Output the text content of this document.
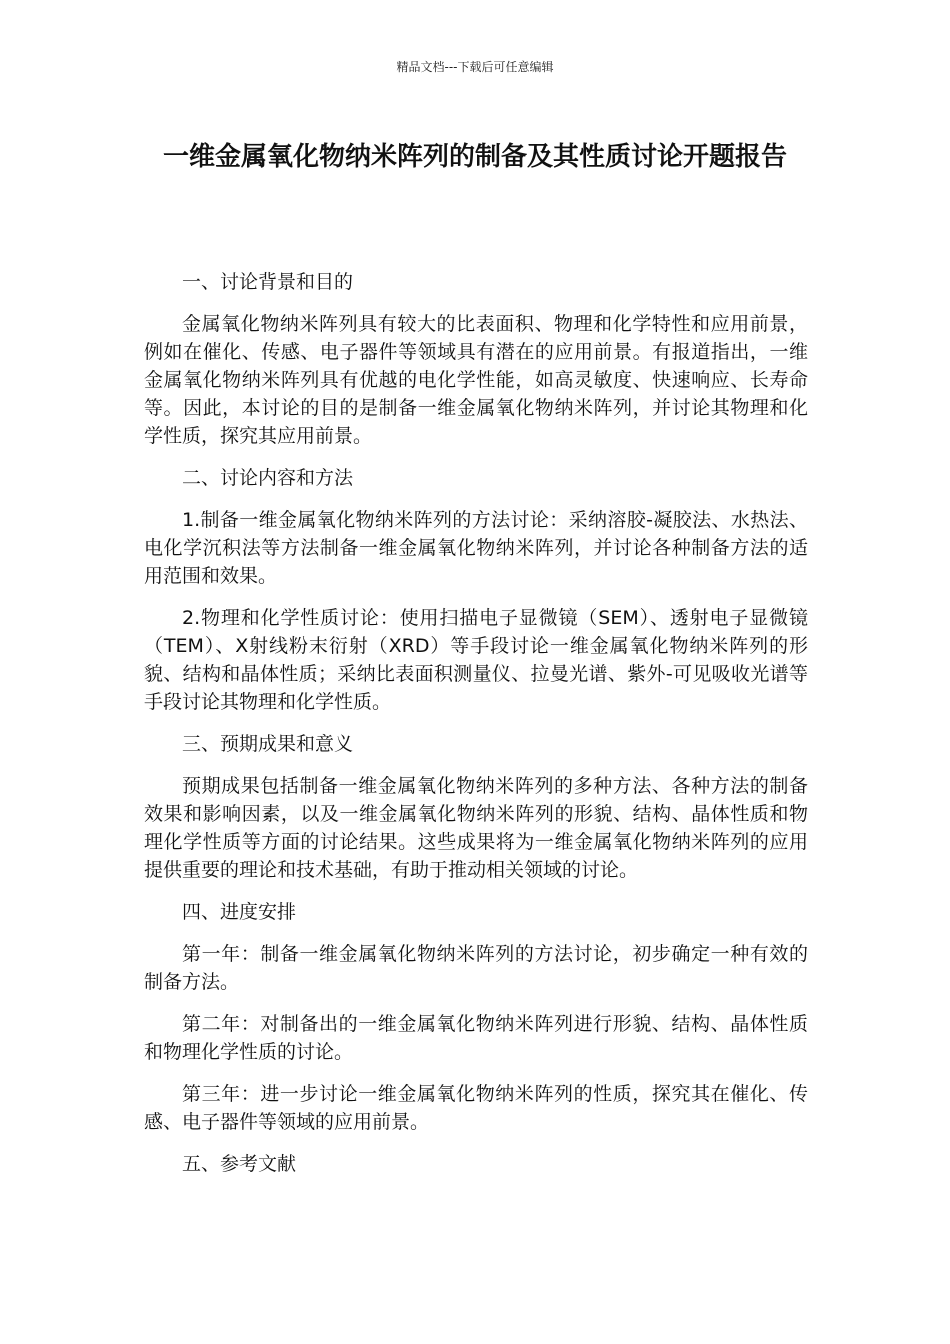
精品文档---下载后可任意编辑
一维金属氧化物纳米阵列的制备及其性质讨论开题报告
一、讨论背景和目的

金属氧化物纳米阵列具有较大的比表面积、物理和化学特性和应用前景，例如在催化、传感、电子器件等领域具有潜在的应用前景。有报道指出，一维金属氧化物纳米阵列具有优越的电化学性能，如高灵敏度、快速响应、长寿命等。因此，本讨论的目的是制备一维金属氧化物纳米阵列，并讨论其物理和化学性质，探究其应用前景。

二、讨论内容和方法

1.制备一维金属氧化物纳米阵列的方法讨论：采纳溶胶-凝胶法、水热法、电化学沉积法等方法制备一维金属氧化物纳米阵列，并讨论各种制备方法的适用范围和效果。

2.物理和化学性质讨论：使用扫描电子显微镜（SEM）、透射电子显微镜（TEM）、X射线粉末衍射（XRD）等手段讨论一维金属氧化物纳米阵列的形貌、结构和晶体性质；采纳比表面积测量仪、拉曼光谱、紫外-可见吸收光谱等手段讨论其物理和化学性质。

三、预期成果和意义

预期成果包括制备一维金属氧化物纳米阵列的多种方法、各种方法的制备效果和影响因素，以及一维金属氧化物纳米阵列的形貌、结构、晶体性质和物理化学性质等方面的讨论结果。这些成果将为一维金属氧化物纳米阵列的应用提供重要的理论和技术基础，有助于推动相关领域的讨论。

四、进度安排

第一年：制备一维金属氧化物纳米阵列的方法讨论，初步确定一种有效的制备方法。

第二年：对制备出的一维金属氧化物纳米阵列进行形貌、结构、晶体性质和物理化学性质的讨论。

第三年：进一步讨论一维金属氧化物纳米阵列的性质，探究其在催化、传感、电子器件等领域的应用前景。

五、参考文献
